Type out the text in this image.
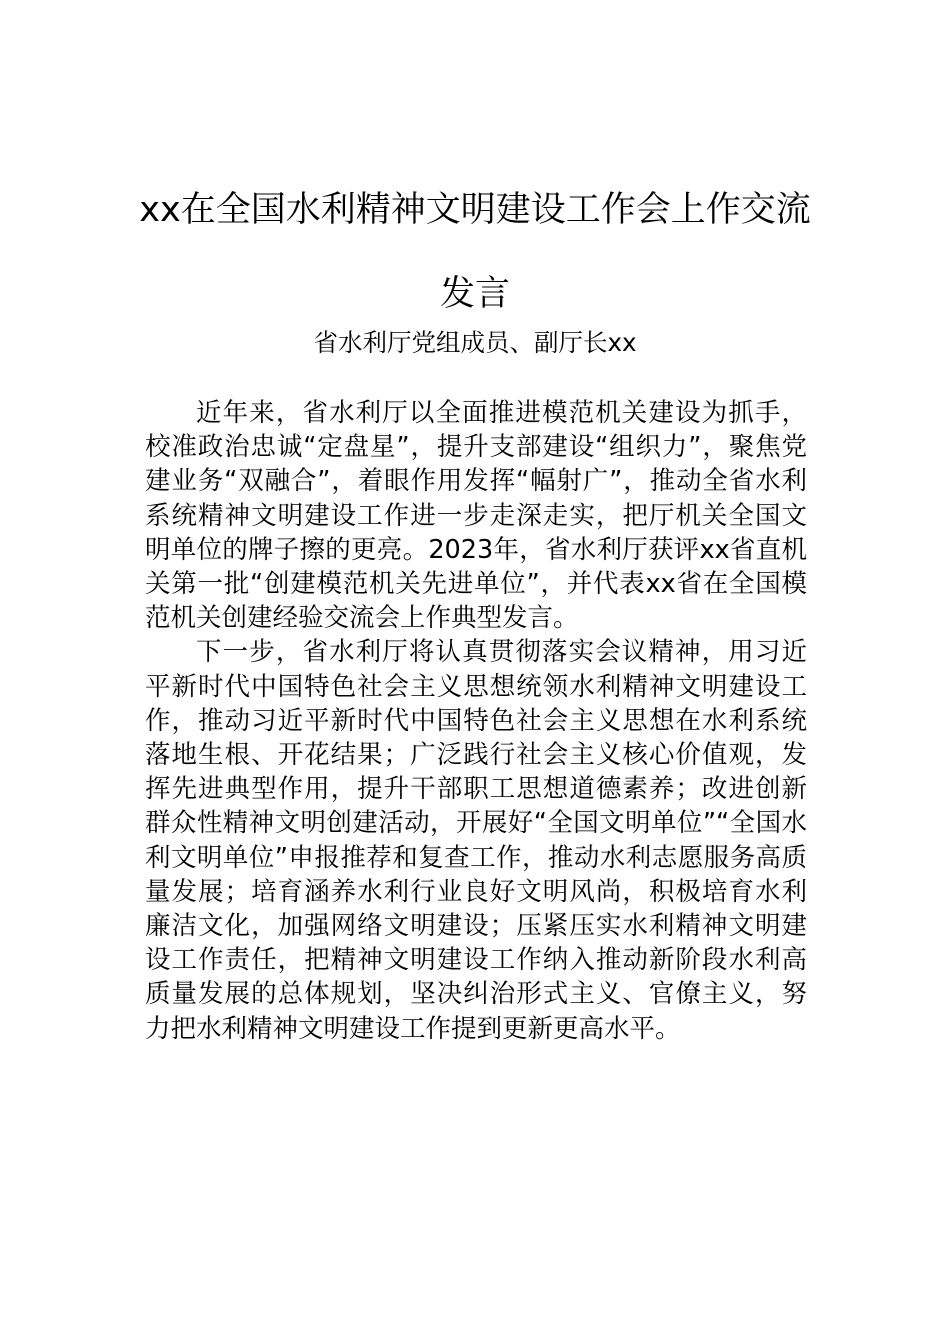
xx在全国水利精神文明建设工作会上作交流发言
省水利厅党组成员、副厅长xx

近年来，省水利厅以全面推进模范机关建设为抓手，校准政治忠诚“定盘星”，提升支部建设“组织力”，聚焦党建业务“双融合”，着眼作用发挥“幅射广”，推动全省水利系统精神文明建设工作进一步走深走实，把厅机关全国文明单位的牌子擦的更亮。2023年，省水利厅获评xx省直机关第一批“创建模范机关先进单位”，并代表xx省在全国模范机关创建经验交流会上作典型发言。

下一步，省水利厅将认真贯彻落实会议精神，用习近平新时代中国特色社会主义思想统领水利精神文明建设工作，推动习近平新时代中国特色社会主义思想在水利系统落地生根、开花结果；广泛践行社会主义核心价值观，发挥先进典型作用，提升干部职工思想道德素养；改进创新群众性精神文明创建活动，开展好“全国文明单位”“全国水利文明单位”申报推荐和复查工作，推动水利志愿服务高质量发展；培育涵养水利行业良好文明风尚，积极培育水利廉洁文化，加强网络文明建设；压紧压实水利精神文明建设工作责任，把精神文明建设工作纳入推动新阶段水利高质量发展的总体规划，坚决纠治形式主义、官僚主义，努力把水利精神文明建设工作提到更新更高水平。
